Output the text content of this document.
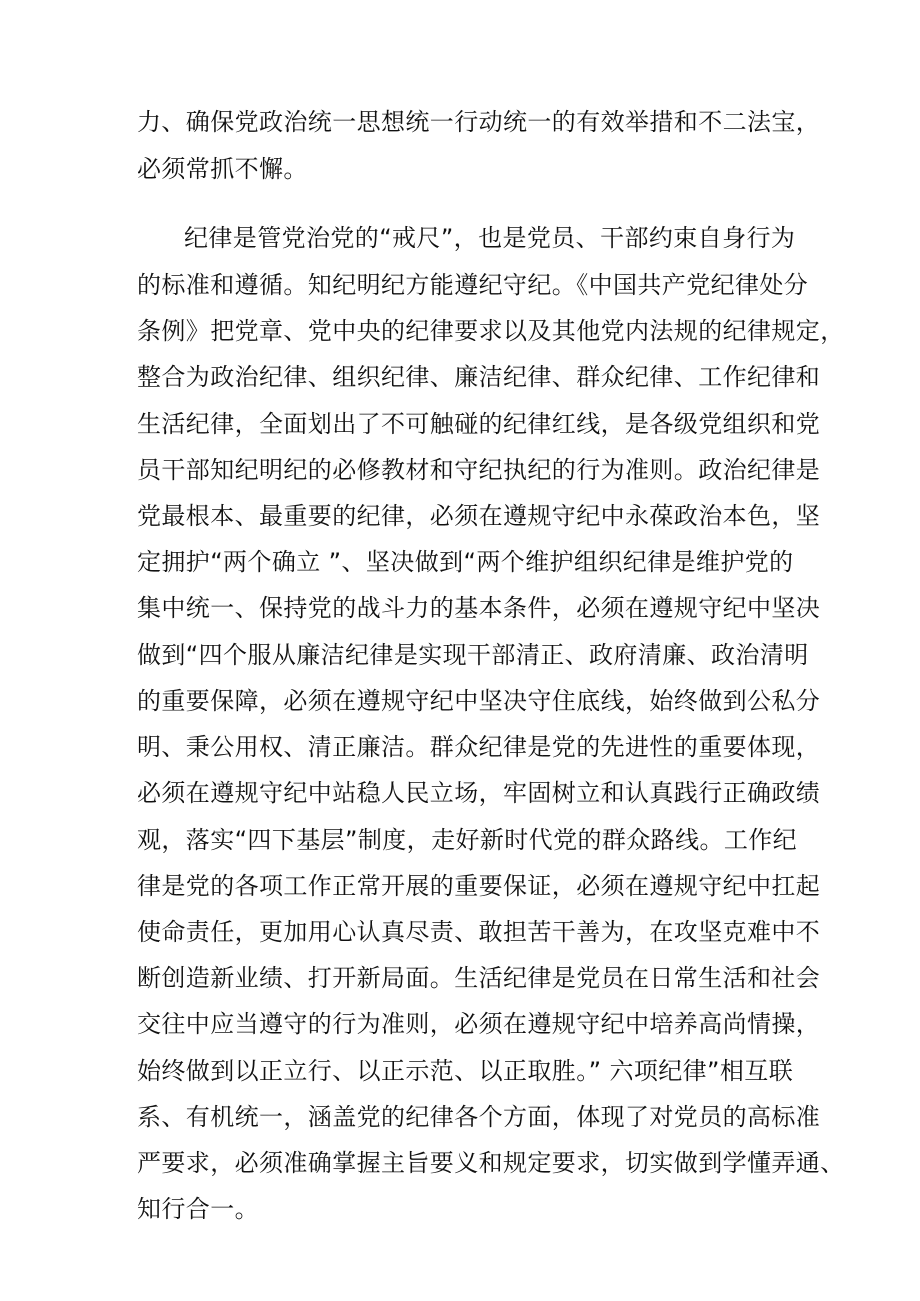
力、确保党政治统一思想统一行动统一的有效举措和不二法宝，
必须常抓不懈。
纪律是管党治党的“戒尺”，也是党员、干部约束自身行为
的标准和遵循。知纪明纪方能遵纪守纪。《中国共产党纪律处分
条例》把党章、党中央的纪律要求以及其他党内法规的纪律规定，
整合为政治纪律、组织纪律、廉洁纪律、群众纪律、工作纪律和
生活纪律，全面划出了不可触碰的纪律红线，是各级党组织和党
员干部知纪明纪的必修教材和守纪执纪的行为准则。政治纪律是
党最根本、最重要的纪律，必须在遵规守纪中永葆政治本色，坚
定拥护“两个确立 ”、坚决做到“两个维护组织纪律是维护党的
集中统一、保持党的战斗力的基本条件，必须在遵规守纪中坚决
做到“四个服从廉洁纪律是实现干部清正、政府清廉、政治清明
的重要保障，必须在遵规守纪中坚决守住底线，始终做到公私分
明、秉公用权、清正廉洁。群众纪律是党的先进性的重要体现，
必须在遵规守纪中站稳人民立场，牢固树立和认真践行正确政绩
观，落实“四下基层”制度，走好新时代党的群众路线。工作纪
律是党的各项工作正常开展的重要保证，必须在遵规守纪中扛起
使命责任，更加用心认真尽责、敢担苦干善为，在攻坚克难中不
断创造新业绩、打开新局面。生活纪律是党员在日常生活和社会
交往中应当遵守的行为准则，必须在遵规守纪中培养高尚情操，
始终做到以正立行、以正示范、以正取胜。” 六项纪律”相互联
系、有机统一，涵盖党的纪律各个方面，体现了对党员的高标准
严要求，必须准确掌握主旨要义和规定要求，切实做到学懂弄通、
知行合一。
